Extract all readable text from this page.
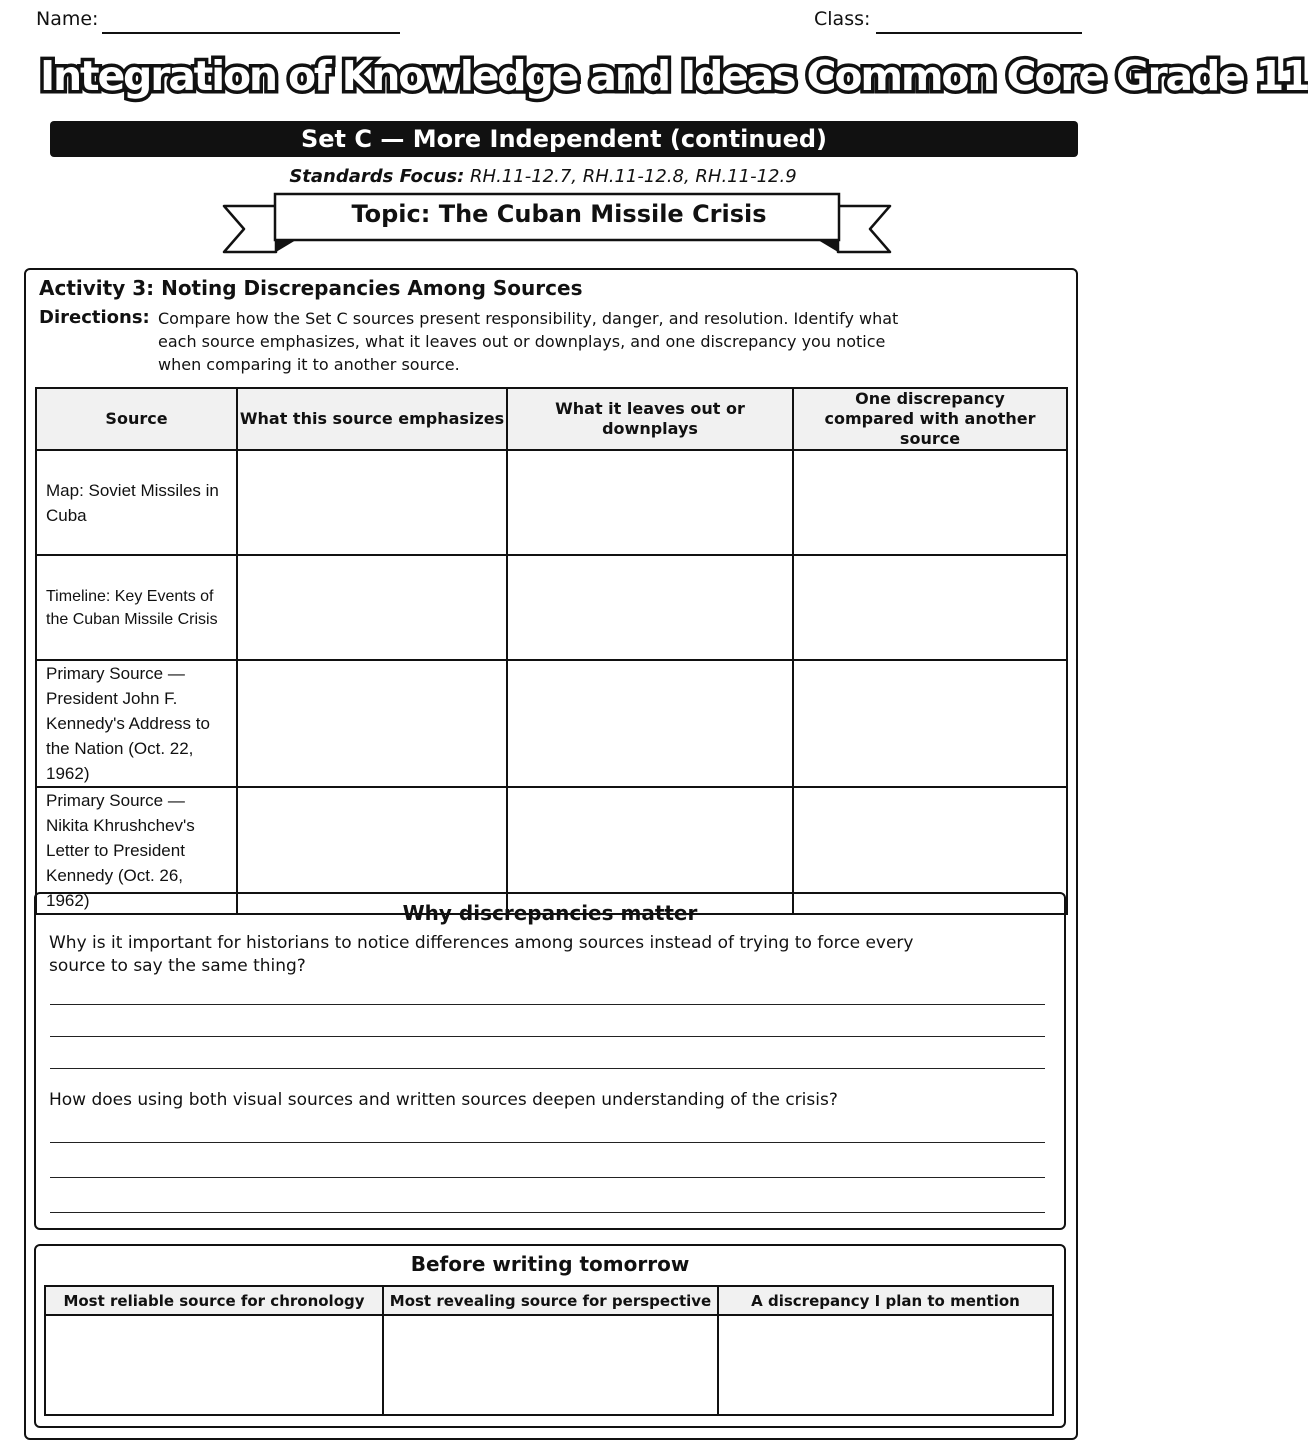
Name:	Class:
Integration of Knowledge and Ideas Common Core Grade 11
Set C — More Independent (continued)
Standards Focus: RH.11-12.7, RH.11-12.8, RH.11-12.9
Topic: The Cuban Missile Crisis
Activity 3: Noting Discrepancies Among Sources
Directions: Compare how the Set C sources present responsibility, danger, and resolution. Identify what each source emphasizes, what it leaves out or downplays, and one discrepancy you notice when comparing it to another source.
Source	What this source emphasizes	What it leaves out or downplays	One discrepancy compared with another source
Map: Soviet Missiles in Cuba			
Timeline: Key Events of the Cuban Missile Crisis			
Primary Source — President John F. Kennedy's Address to the Nation (Oct. 22, 1962)			
Primary Source — Nikita Khrushchev's Letter to President Kennedy (Oct. 26, 1962)			
Why discrepancies matter
Why is it important for historians to notice differences among sources instead of trying to force every source to say the same thing?
How does using both visual sources and written sources deepen understanding of the crisis?
Before writing tomorrow
Most reliable source for chronology	Most revealing source for perspective	A discrepancy I plan to mention
